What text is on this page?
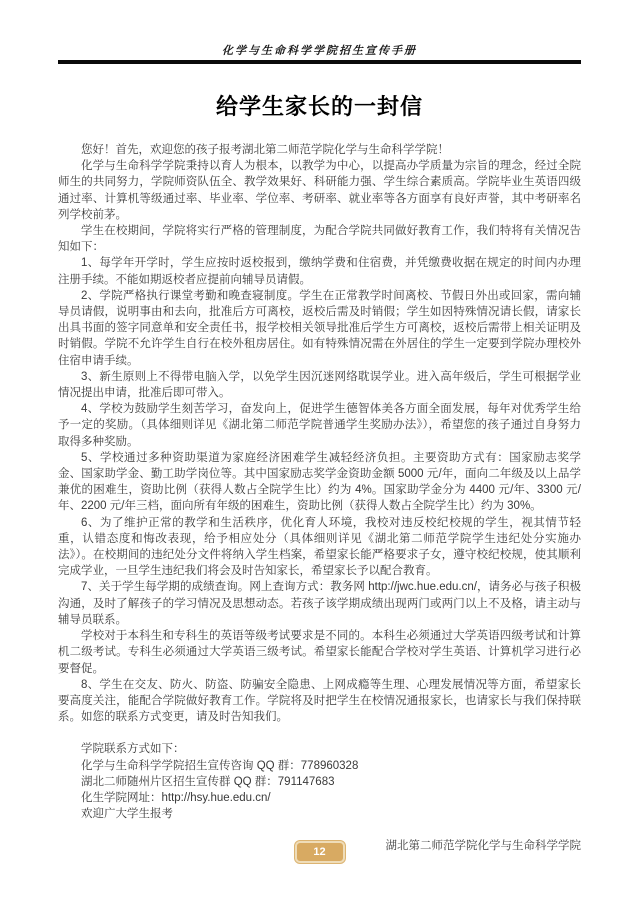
化学与生命科学学院招生宣传手册
给学生家长的一封信

您好！首先，欢迎您的孩子报考湖北第二师范学院化学与生命科学学院！

化学与生命科学学院秉持以育人为根本，以教学为中心，以提高办学质量为宗旨的理念，经过全院师生的共同努力，学院师资队伍全、教学效果好、科研能力强、学生综合素质高。学院毕业生英语四级通过率、计算机等级通过率、毕业率、学位率、考研率、就业率等各方面享有良好声誉，其中考研率名列学校前茅。

学生在校期间，学院将实行严格的管理制度，为配合学院共同做好教育工作，我们特将有关情况告知如下：

1、每学年开学时，学生应按时返校报到，缴纳学费和住宿费，并凭缴费收据在规定的时间内办理注册手续。不能如期返校者应提前向辅导员请假。

2、学院严格执行课堂考勤和晚查寝制度。学生在正常教学时间离校、节假日外出或回家，需向辅导员请假，说明事由和去向，批准后方可离校，返校后需及时销假；学生如因特殊情况请长假，请家长出具书面的签字同意单和安全责任书，报学校相关领导批准后学生方可离校，返校后需带上相关证明及时销假。学院不允许学生自行在校外租房居住。如有特殊情况需在外居住的学生一定要到学院办理校外住宿申请手续。

3、新生原则上不得带电脑入学，以免学生因沉迷网络耽误学业。进入高年级后，学生可根据学业情况提出申请，批准后即可带入。

4、学校为鼓励学生刻苦学习，奋发向上，促进学生德智体美各方面全面发展，每年对优秀学生给予一定的奖励。（具体细则详见《湖北第二师范学院普通学生奖励办法》），希望您的孩子通过自身努力取得多种奖励。

5、学校通过多种资助渠道为家庭经济困难学生减轻经济负担。主要资助方式有：国家励志奖学金、国家助学金、勤工助学岗位等。其中国家励志奖学金资助金额 5000 元/年，面向二年级及以上品学兼优的困难生，资助比例（获得人数占全院学生比）约为 4%。国家助学金分为 4400 元/年、3300 元/年、2200 元/年三档，面向所有年级的困难生，资助比例（获得人数占全院学生比）约为 30%。

6、为了维护正常的教学和生活秩序，优化育人环境，我校对违反校纪校规的学生，视其情节轻重，认错态度和悔改表现，给予相应处分（具体细则详见《湖北第二师范学院学生违纪处分实施办法》）。在校期间的违纪处分文件将纳入学生档案，希望家长能严格要求子女，遵守校纪校规，使其顺利完成学业，一旦学生违纪我们将会及时告知家长，希望家长予以配合教育。

7、关于学生每学期的成绩查询。网上查询方式：教务网 http://jwc.hue.edu.cn/，请务必与孩子积极沟通，及时了解孩子的学习情况及思想动态。若孩子该学期成绩出现两门或两门以上不及格，请主动与辅导员联系。

学校对于本科生和专科生的英语等级考试要求是不同的。本科生必须通过大学英语四级考试和计算机二级考试。专科生必须通过大学英语三级考试。希望家长能配合学校对学生英语、计算机学习进行必要督促。

8、学生在交友、防火、防盗、防骗安全隐患、上网成瘾等生理、心理发展情况等方面，希望家长要高度关注，能配合学院做好教育工作。学院将及时把学生在校情况通报家长，也请家长与我们保持联系。如您的联系方式变更，请及时告知我们。

学院联系方式如下：
化学与生命科学学院招生宣传咨询 QQ 群：778960328
湖北二师随州片区招生宣传群 QQ 群：791147683
化生学院网址：http://hsy.hue.edu.cn/
欢迎广大学生报考
湖北第二师范学院化学与生命科学学院
12
